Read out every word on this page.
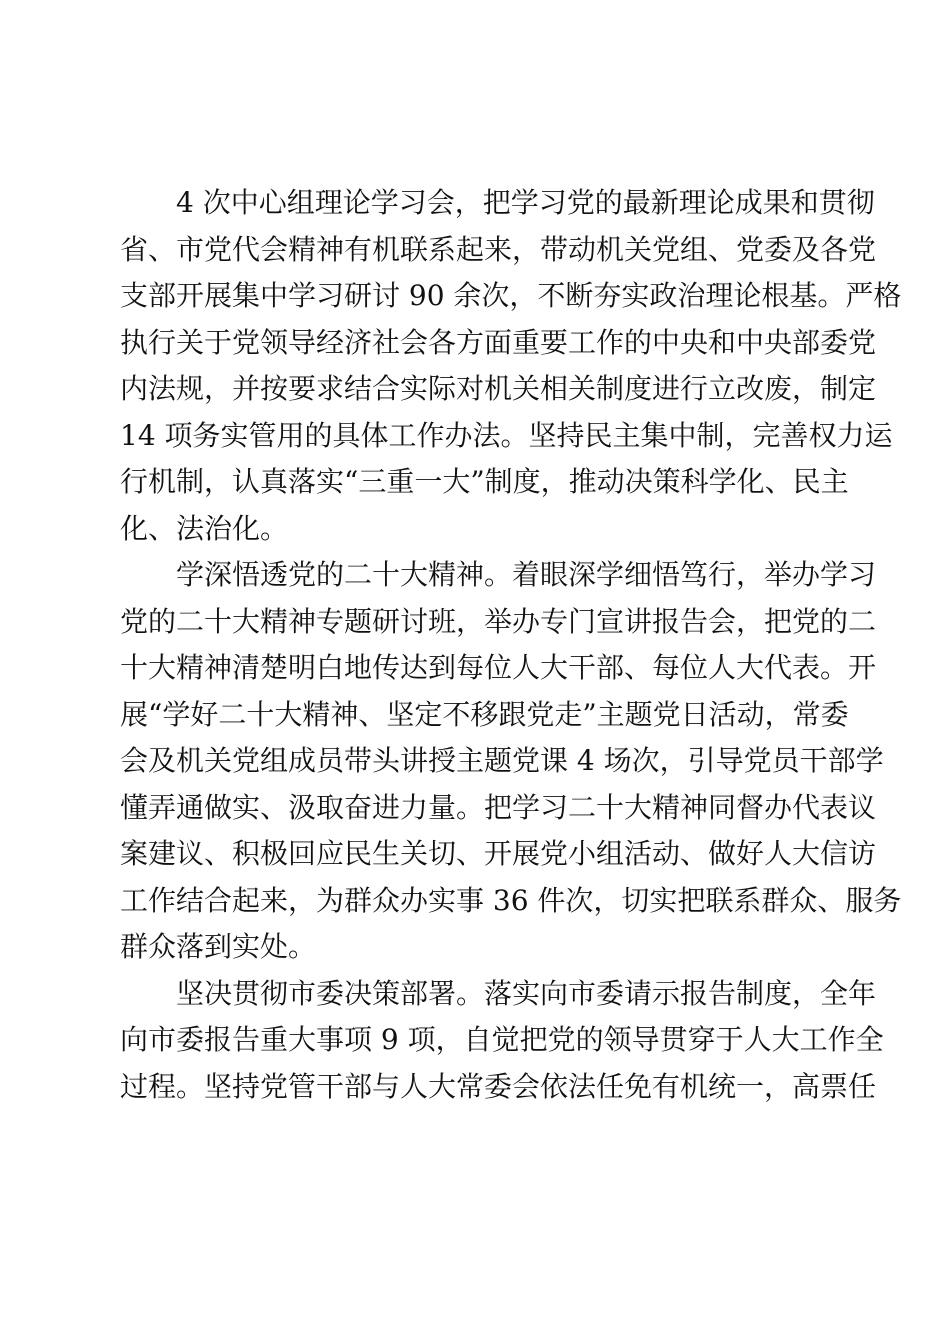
4 次中心组理论学习会，把学习党的最新理论成果和贯彻
省、市党代会精神有机联系起来，带动机关党组、党委及各党
支部开展集中学习研讨 90 余次，不断夯实政治理论根基。严格
执行关于党领导经济社会各方面重要工作的中央和中央部委党
内法规，并按要求结合实际对机关相关制度进行立改废，制定
14 项务实管用的具体工作办法。坚持民主集中制，完善权力运
行机制，认真落实“三重一大”制度，推动决策科学化、民主
化、法治化。
学深悟透党的二十大精神。着眼深学细悟笃行，举办学习
党的二十大精神专题研讨班，举办专门宣讲报告会，把党的二
十大精神清楚明白地传达到每位人大干部、每位人大代表。开
展“学好二十大精神、坚定不移跟党走”主题党日活动，常委
会及机关党组成员带头讲授主题党课 4 场次，引导党员干部学
懂弄通做实、汲取奋进力量。把学习二十大精神同督办代表议
案建议、积极回应民生关切、开展党小组活动、做好人大信访
工作结合起来，为群众办实事 36 件次，切实把联系群众、服务
群众落到实处。
坚决贯彻市委决策部署。落实向市委请示报告制度，全年
向市委报告重大事项 9 项，自觉把党的领导贯穿于人大工作全
过程。坚持党管干部与人大常委会依法任免有机统一，高票任
